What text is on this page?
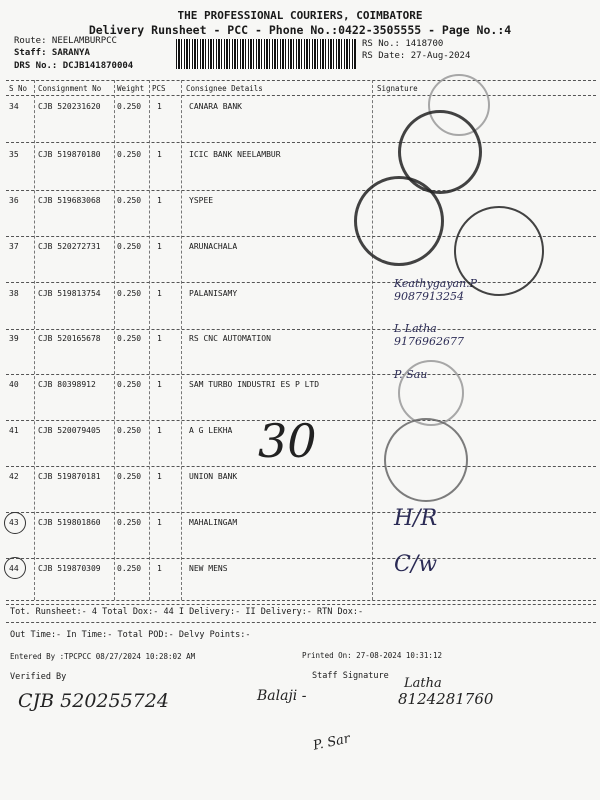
THE PROFESSIONAL COURIERS, COIMBATORE
Delivery Runsheet - PCC - Phone No.:0422-3505555 - Page No.:4
Route: NEELAMBURPCC
Staff: SARANYA
DRS No.: DCJB141870004
RS No.: 1418700
RS Date: 27-Aug-2024
S No Consignment No Weight PCS	Consignee Details	Signature
34 CJB 520231620 0.250 1	CANARA BANK
35 CJB 519870180 0.250 1	ICIC BANK NEELAMBUR
36 CJB 519683068 0.250 1	YSPEE
37 CJB 520272731 0.250 1	ARUNACHALA
38 CJB 519813754 0.250 1	PALANISAMY
Keathygayan.P
9087913254
39 CJB 520165678 0.250 1	RS CNC AUTOMATION
L Latha
9176962677
40 CJB 80398912	0.250 1	SAM TURBO INDUSTRI ES P LTD
P. Sau
41 CJB 520079405 0.250 1	A G LEKHA
42 CJB 519870181 0.250 1	UNION BANK
43 CJB 519801860 0.250 1	MAHALINGAM	H/R
44 CJB 519870309 0.250 1	NEW MENS	C/w
30
Tot. Runsheet:- 4 Total Dox:- 44 I Delivery:- II Delivery:- RTN Dox:-
Out Time:- In Time:- Total POD:- Delvy Points:-
Entered By :TPCPCC 08/27/2024 10:28:02 AM	Printed On: 27-08-2024 10:31:12
Verified By	Staff Signature
CJB 520255724	Balaji -
Latha
8124281760
P. Sar
